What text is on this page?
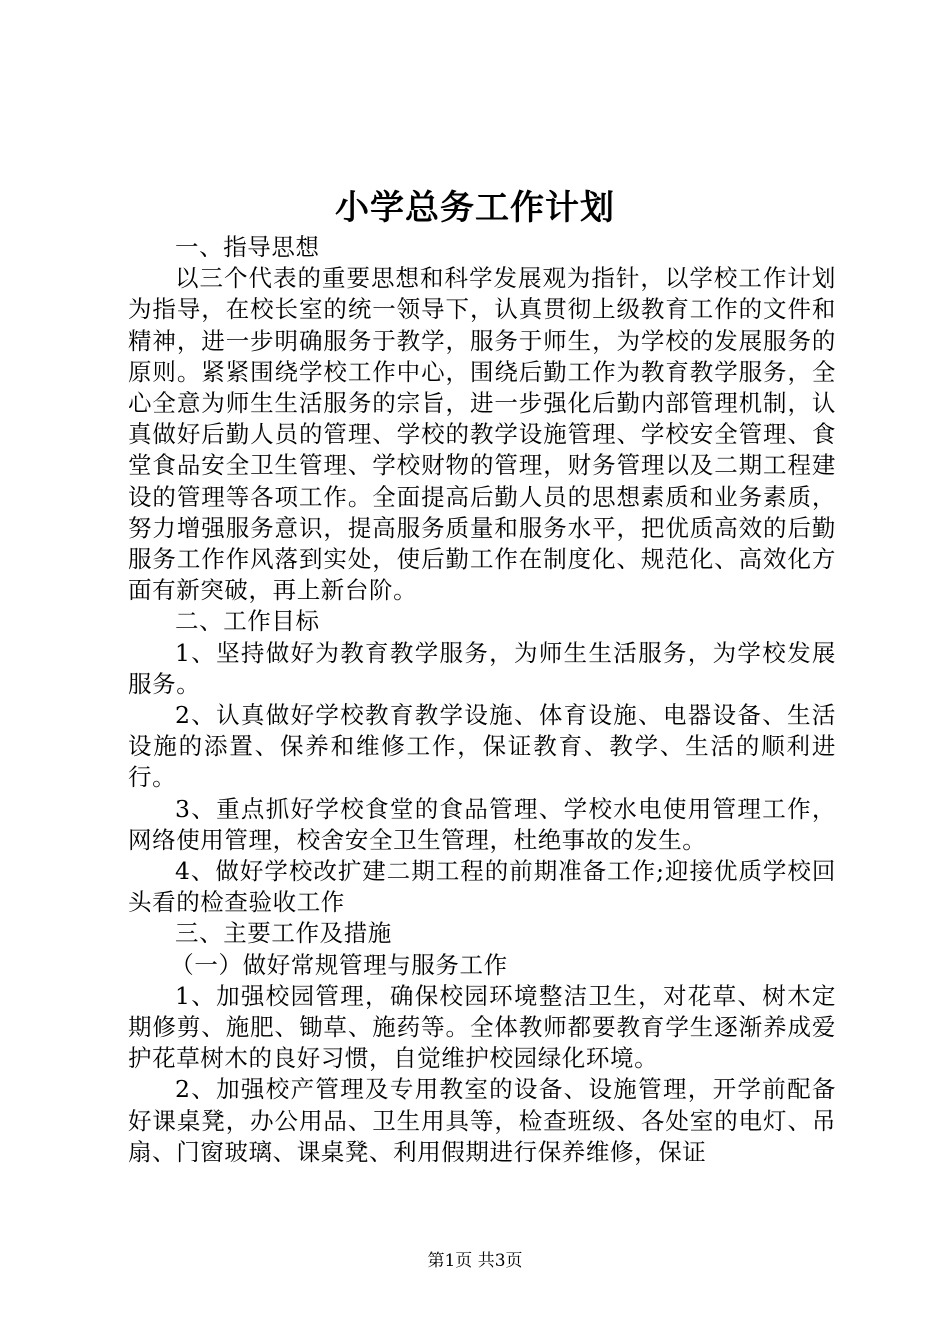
小学总务工作计划

一、指导思想

以三个代表的重要思想和科学发展观为指针，以学校工作计划为指导，在校长室的统一领导下，认真贯彻上级教育工作的文件和精神，进一步明确服务于教学，服务于师生，为学校的发展服务的原则。紧紧围绕学校工作中心，围绕后勤工作为教育教学服务，全心全意为师生生活服务的宗旨，进一步强化后勤内部管理机制，认真做好后勤人员的管理、学校的教学设施管理、学校安全管理、食堂食品安全卫生管理、学校财物的管理，财务管理以及二期工程建设的管理等各项工作。全面提高后勤人员的思想素质和业务素质，努力增强服务意识，提高服务质量和服务水平，把优质高效的后勤服务工作作风落到实处，使后勤工作在制度化、规范化、高效化方面有新突破，再上新台阶。

二、工作目标

1、坚持做好为教育教学服务，为师生生活服务，为学校发展服务。

2、认真做好学校教育教学设施、体育设施、电器设备、生活设施的添置、保养和维修工作，保证教育、教学、生活的顺利进行。

3、重点抓好学校食堂的食品管理、学校水电使用管理工作，网络使用管理，校舍安全卫生管理，杜绝事故的发生。

4、做好学校改扩建二期工程的前期准备工作;迎接优质学校回头看的检查验收工作

三、主要工作及措施

（一）做好常规管理与服务工作

1、加强校园管理，确保校园环境整洁卫生，对花草、树木定期修剪、施肥、锄草、施药等。全体教师都要教育学生逐渐养成爱护花草树木的良好习惯，自觉维护校园绿化环境。

2、加强校产管理及专用教室的设备、设施管理，开学前配备好课桌凳，办公用品、卫生用具等，检查班级、各处室的电灯、吊扇、门窗玻璃、课桌凳、利用假期进行保养维修，保证

第1页 共3页
